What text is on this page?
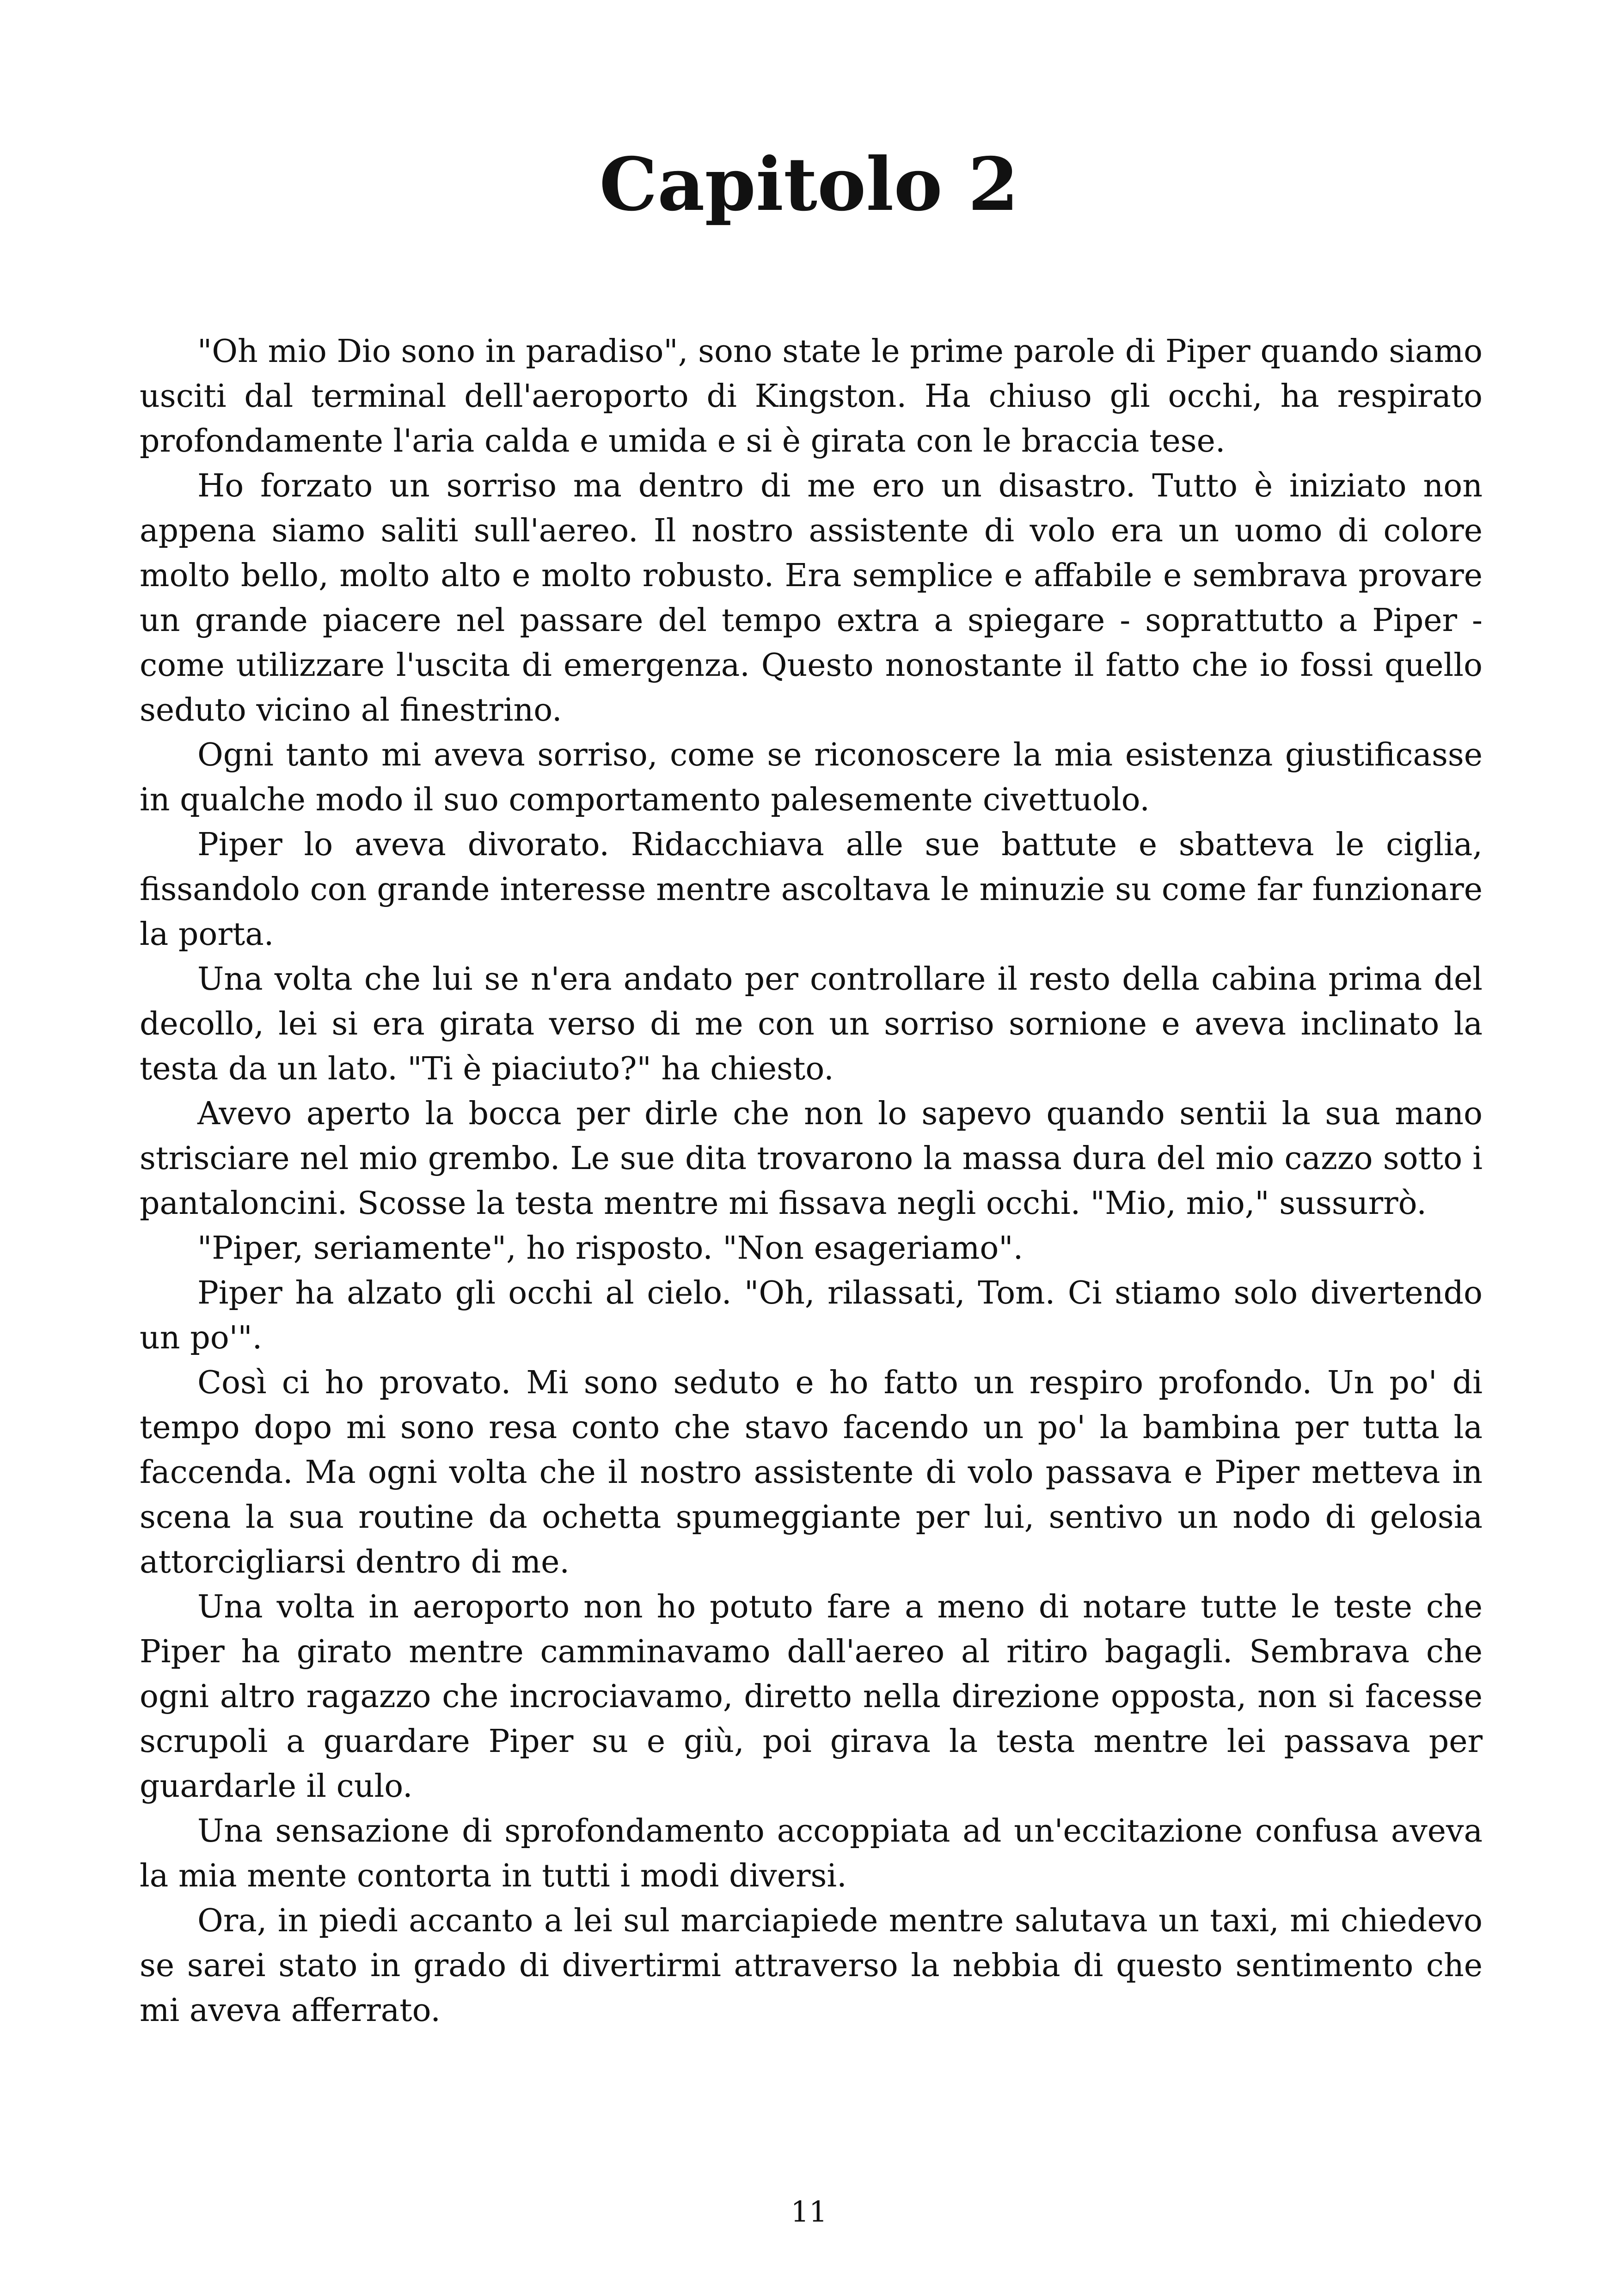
Capitolo 2

"Oh mio Dio sono in paradiso", sono state le prime parole di Piper quando siamo usciti dal terminal dell'aeroporto di Kingston. Ha chiuso gli occhi, ha respirato profondamente l'aria calda e umida e si è girata con le braccia tese.

Ho forzato un sorriso ma dentro di me ero un disastro. Tutto è iniziato non appena siamo saliti sull'aereo. Il nostro assistente di volo era un uomo di colore molto bello, molto alto e molto robusto. Era semplice e affabile e sembrava provare un grande piacere nel passare del tempo extra a spiegare - soprattutto a Piper - come utilizzare l'uscita di emergenza. Questo nonostante il fatto che io fossi quello seduto vicino al finestrino.

Ogni tanto mi aveva sorriso, come se riconoscere la mia esistenza giustificasse in qualche modo il suo comportamento palesemente civettuolo.

Piper lo aveva divorato. Ridacchiava alle sue battute e sbatteva le ciglia, fissandolo con grande interesse mentre ascoltava le minuzie su come far funzionare la porta.

Una volta che lui se n'era andato per controllare il resto della cabina prima del decollo, lei si era girata verso di me con un sorriso sornione e aveva inclinato la testa da un lato. "Ti è piaciuto?" ha chiesto.

Avevo aperto la bocca per dirle che non lo sapevo quando sentii la sua mano strisciare nel mio grembo. Le sue dita trovarono la massa dura del mio cazzo sotto i pantaloncini. Scosse la testa mentre mi fissava negli occhi. "Mio, mio," sussurrò.

"Piper, seriamente", ho risposto. "Non esageriamo".

Piper ha alzato gli occhi al cielo. "Oh, rilassati, Tom. Ci stiamo solo divertendo un po'".

Così ci ho provato. Mi sono seduto e ho fatto un respiro profondo. Un po' di tempo dopo mi sono resa conto che stavo facendo un po' la bambina per tutta la faccenda. Ma ogni volta che il nostro assistente di volo passava e Piper metteva in scena la sua routine da ochetta spumeggiante per lui, sentivo un nodo di gelosia attorcigliarsi dentro di me.

Una volta in aeroporto non ho potuto fare a meno di notare tutte le teste che Piper ha girato mentre camminavamo dall'aereo al ritiro bagagli. Sembrava che ogni altro ragazzo che incrociavamo, diretto nella direzione opposta, non si facesse scrupoli a guardare Piper su e giù, poi girava la testa mentre lei passava per guardarle il culo.

Una sensazione di sprofondamento accoppiata ad un'eccitazione confusa aveva la mia mente contorta in tutti i modi diversi.

Ora, in piedi accanto a lei sul marciapiede mentre salutava un taxi, mi chiedevo se sarei stato in grado di divertirmi attraverso la nebbia di questo sentimento che mi aveva afferrato.

11
